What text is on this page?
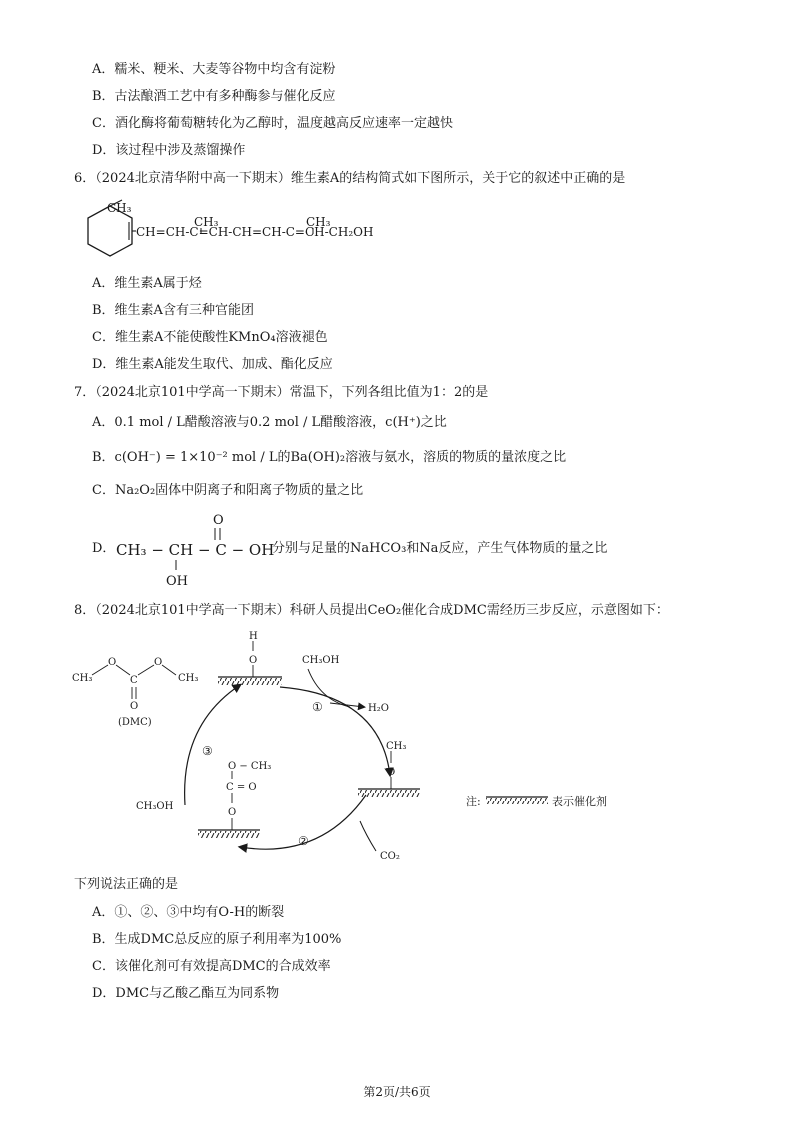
A．糯米、粳米、大麦等谷物中均含有淀粉
B．古法酿酒工艺中有多种酶参与催化反应
C．酒化酶将葡萄糖转化为乙醇时，温度越高反应速率一定越快
D．该过程中涉及蒸馏操作
6．（2024北京清华附中高一下期末）维生素A的结构简式如下图所示，关于它的叙述中正确的是
CH₃
CH=CH-C=CH-CH=CH-C=CH-CH₂OH
CH₃	CH₃
A．维生素A属于烃
B．维生素A含有三种官能团
C．维生素A不能使酸性KMnO₄溶液褪色
D．维生素A能发生取代、加成、酯化反应
7．（2024北京101中学高一下期末）常温下，下列各组比值为1：2的是
A．0.1 mol / L醋酸溶液与0.2 mol / L醋酸溶液，c(H⁺)之比
B．c(OH⁻) = 1×10⁻² mol / L的Ba(OH)₂溶液与氨水，溶质的物质的量浓度之比
C．Na₂O₂固体中阴离子和阳离子物质的量之比
D．
O
CH₃ − CH − C − OH
OH
分别与足量的NaHCO₃和Na反应，产生气体物质的量之比
8．（2024北京101中学高一下期末）科研人员提出CeO₂催化合成DMC需经历三步反应，示意图如下：
CH₃
O
C
O
CH₃
O
(DMC)
H
O	CH₃OH
H₂O
①
②
③	CH₃
O
CO₂
O − CH₃
C = O
O
CH₃OH	注:	表示催化剂
下列说法正确的是
A．①、②、③中均有O-H的断裂
B．生成DMC总反应的原子利用率为100%
C．该催化剂可有效提高DMC的合成效率
D．DMC与乙酸乙酯互为同系物
第2页/共6页
